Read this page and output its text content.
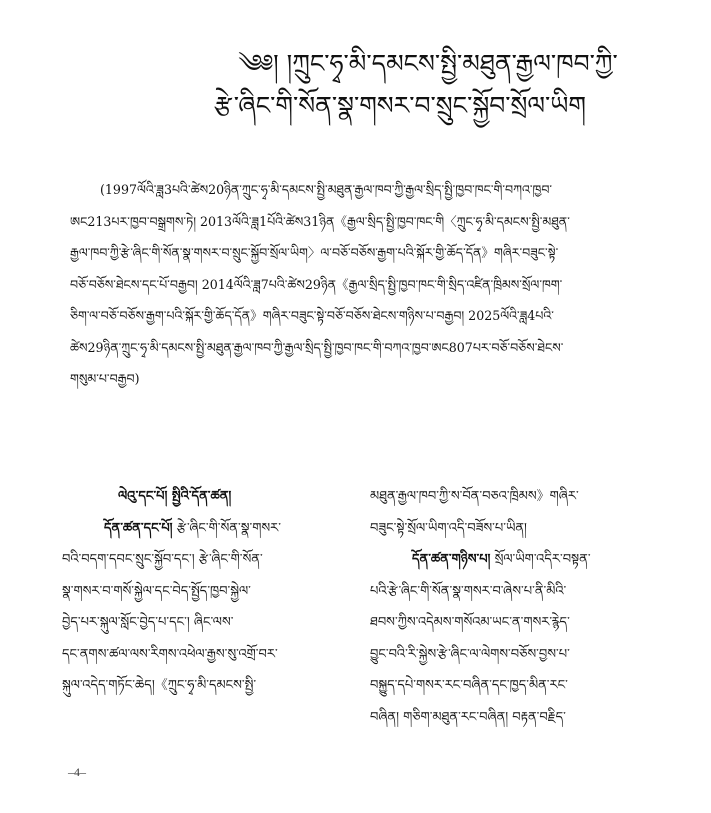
༄༅། །ཀྲུང་ཧྭ་མི་དམངས་སྤྱི་མཐུན་རྒྱལ་ཁབ་ཀྱི་
རྩེ་ཞིང་གི་སོན་སྣ་གསར་བ་སྲུང་སྐྱོབ་སྲོལ་ཡིག
(1997ལོའི་ཟླ3པའི་ཚེས20ཉིན་ཀྲུང་ཧྭ་མི་དམངས་སྤྱི་མཐུན་རྒྱལ་ཁབ་ཀྱི་རྒྱལ་སྲིད་སྤྱི་ཁྱབ་ཁང་གི་བཀའ་ཁྱབ་
ཨང213པར་ཁྱབ་བསྒྲགས་ཏེ། 2013ལོའི་ཟླ1པོའི་ཚེས31ཉིན《རྒྱལ་སྲིད་སྤྱི་ཁྱབ་ཁང་གི〈ཀྲུང་ཧྭ་མི་དམངས་སྤྱི་མཐུན་
རྒྱལ་ཁབ་ཀྱི་རྩེ་ཞིང་གི་སོན་སྣ་གསར་བ་སྲུང་སྐྱོབ་སྲོལ་ཡིག〉ལ་བཅོ་བཅོས་རྒྱག་པའི་སྐོར་གྱི་ཆོད་དོན》གཞིར་བཟུང་སྟེ་
བཅོ་བཅོས་ཐེངས་དང་པོ་བརྒྱབ། 2014ལོའི་ཟླ7པའི་ཚེས29ཉིན《རྒྱལ་སྲིད་སྤྱི་ཁྱབ་ཁང་གི་སྲིད་འཛིན་ཁྲིམས་སྲོལ་ཁག་
ཅིག་ལ་བཅོ་བཅོས་རྒྱག་པའི་སྐོར་གྱི་ཆོད་དོན》གཞིར་བཟུང་སྟེ་བཅོ་བཅོས་ཐེངས་གཉིས་པ་བརྒྱབ། 2025ལོའི་ཟླ4པའི་
ཚེས29ཉིན་ཀྲུང་ཧྭ་མི་དམངས་སྤྱི་མཐུན་རྒྱལ་ཁབ་ཀྱི་རྒྱལ་སྲིད་སྤྱི་ཁྱབ་ཁང་གི་བཀའ་ཁྱབ་ཨང807པར་བཅོ་བཅོས་ཐེངས་
གསུམ་པ་བརྒྱབ)
ལེའུ་དང་པོ། སྤྱིའི་དོན་ཚན།
དོན་ཚན་དང་པོ། རྩེ་ཞིང་གི་སོན་སྣ་གསར་
བའི་བདག་དབང་སྲུང་སྐྱོབ་དང་། རྩེ་ཞིང་གི་སོན་
སྣ་གསར་བ་གསོ་སྐྱེལ་དང་བེད་སྤྱོད་ཁྱབ་སྐྱེལ་
བྱེད་པར་སྐུལ་སློང་བྱེད་པ་དང་། ཞིང་ལས་
དང་ནགས་ཚལ་ལས་རིགས་འཕེལ་རྒྱས་སུ་འགྲོ་བར་
སྐུལ་འདེད་གཏོང་ཆེད།《ཀྲུང་ཧྭ་མི་དམངས་སྤྱི་
མཐུན་རྒྱལ་ཁབ་ཀྱི་ས་བོན་བཅའ་ཁྲིམས》གཞིར་
བཟུང་སྟེ་སྲོལ་ཡིག་འདི་བཟོས་པ་ཡིན།
དོན་ཚན་གཉིས་པ། སྲོལ་ཡིག་འདིར་བསྟན་
པའི་རྩེ་ཞིང་གི་སོན་སྣ་གསར་བ་ཞེས་པ་ནི་མིའི་
ཐབས་ཀྱིས་འདེམས་གསོའམ་ཡང་ན་གསར་རྙེད་
བྱུང་བའི་རི་སྐྱེས་རྩེ་ཞིང་ལ་ལེགས་བཅོས་བྱས་པ་
བསྐྱུད་དཔེ་གསར་རང་བཞིན་དང་ཁྱད་མིན་རང་
བཞིན། གཅིག་མཐུན་རང་བཞིན། བརྟན་བརྗིད་
–4–
